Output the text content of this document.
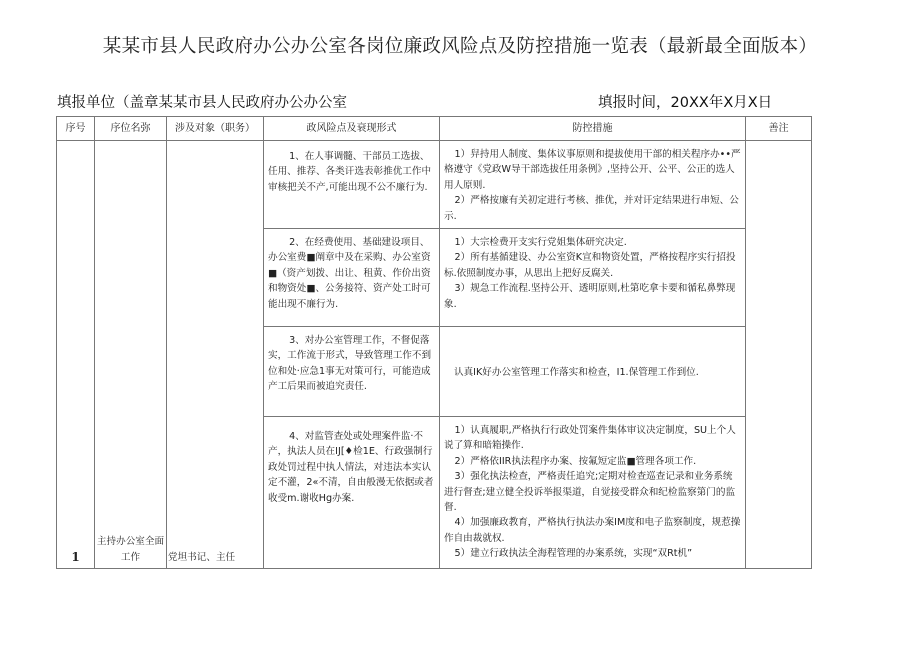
某某市县人民政府办公办公室各岗位廉政风险点及防控措施一览表（最新最全面版本）
填报单位（盖章某某市县人民政府办公办公室	填报时间，20XX年X月X日
序号	序位名弥	涉及对象（职务）	政风险点及衰现形式	防控措施	善注
1	主持办公室全面工作	党坦书记、主任	1、在人事调髓、干部员工选拔、任用、推荐、各类讦选表彰推优工作中审核把关不产,可能出现不公不廉行为.	1）舁持用人制度、集体议事原则和提拔使用干部的相关程序办••严格遵守《党政W导干部选拔任用条例》,坚持公开、公平、公正的选人用人原则.

2）严格按廉有关初定进行考核、推优，并对讦定结果进行串短、公示.	

			2、在经费使用、基础建设项目、办公室费■阐章中及在采购、办公室资■（资产划拨、出让、租黄、作价出资和物资处■、公务接符、资产处工时可能出现不廉行为.	1）大宗检费开支实行党姐集体研究决定.

2）所有基循建设、办公室资K宣和物资处置，严格按程序实行招投标.依照制度办事，从思出上把好反腐关.

3）规急工作流程.坚持公开、透明原则,杜第吃拿卡要和循私鼻弊现象.	

			3、对办公室管理工作，不督促落实，工作流于形式，导致管理工作不到位和处·应急1事无对策可行，可能造成产工后果而被追究责任.	认真IK好办公室管理工作落实和检查，I1.保管理工作到位.	

			4、对监管查处或处理案件监·不产，执法人员在IJ[♦检1E、行政强制行政处罚过程中执人情法，对违法本实认定不灌，2«不清，自由般漫无依据或者收受m.谢收Hg办案.	1）认真履职,严格执行行政处罚案件集体审议决定制度，SU上个人说了算和暗箱操作.

2）严格依IIR执法程序办案、按氟短定监■管理各项工作.

3）强化执法检查，严格责任追究;定期对检查巡查记录和业务系统进行督查;建立健全投诉举报渠道，自觉接受群众和纪检监察第门的监督.

4）加强廉政教育，严格执行执法办案IM度和电子监察制度，规惹操作自由裁就权.

5）建立行政执法全海程管理的办案系统，实现“双Rt机”	
